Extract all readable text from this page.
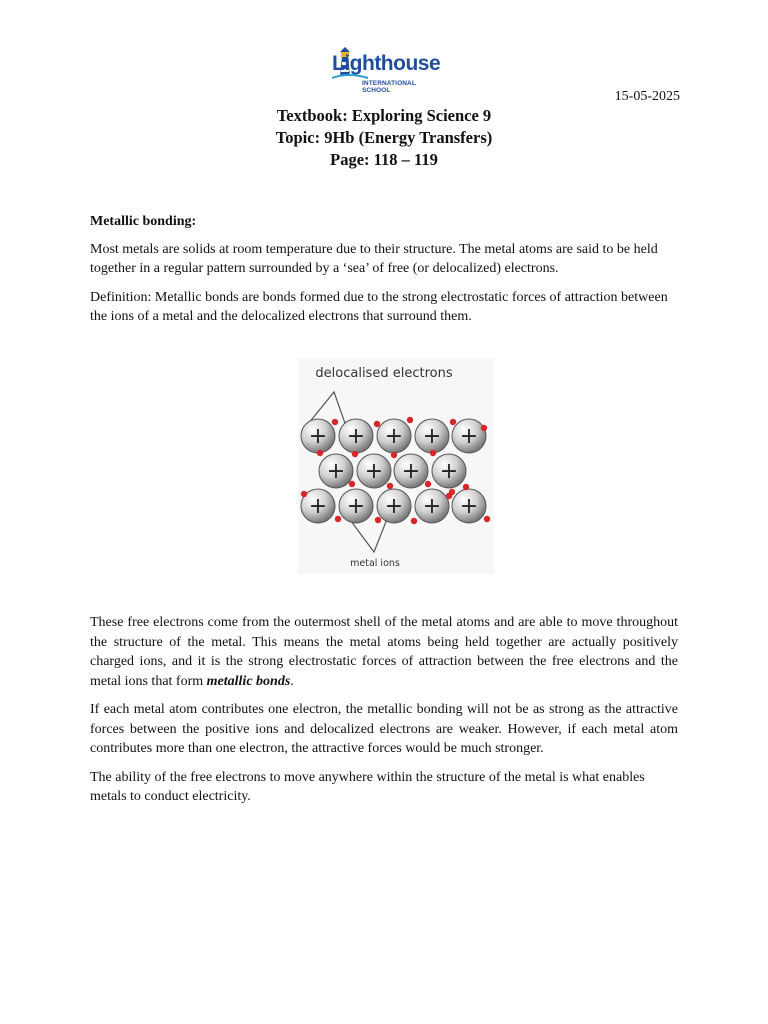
Lighthouse
INTERNATIONAL SCHOOL	15-05-2025
Textbook: Exploring Science 9
Topic: 9Hb (Energy Transfers)
Page: 118 – 119

Metallic bonding:

Most metals are solids at room temperature due to their structure. The metal atoms are said to be held together in a regular pattern surrounded by a ‘sea’ of free (or delocalized) electrons.

Definition: Metallic bonds are bonds formed due to the strong electrostatic forces of attraction between the ions of a metal and the delocalized electrons that surround them.

delocalised electrons
metal ions
+ + + + +
+ + + +
+ + + + +

These free electrons come from the outermost shell of the metal atoms and are able to move throughout the structure of the metal. This means the metal atoms being held together are actually positively charged ions, and it is the strong electrostatic forces of attraction between the free electrons and the metal ions that form metallic bonds.

If each metal atom contributes one electron, the metallic bonding will not be as strong as the attractive forces between the positive ions and delocalized electrons are weaker. However, if each metal atom contributes more than one electron, the attractive forces would be much stronger.

The ability of the free electrons to move anywhere within the structure of the metal is what enables metals to conduct electricity.
